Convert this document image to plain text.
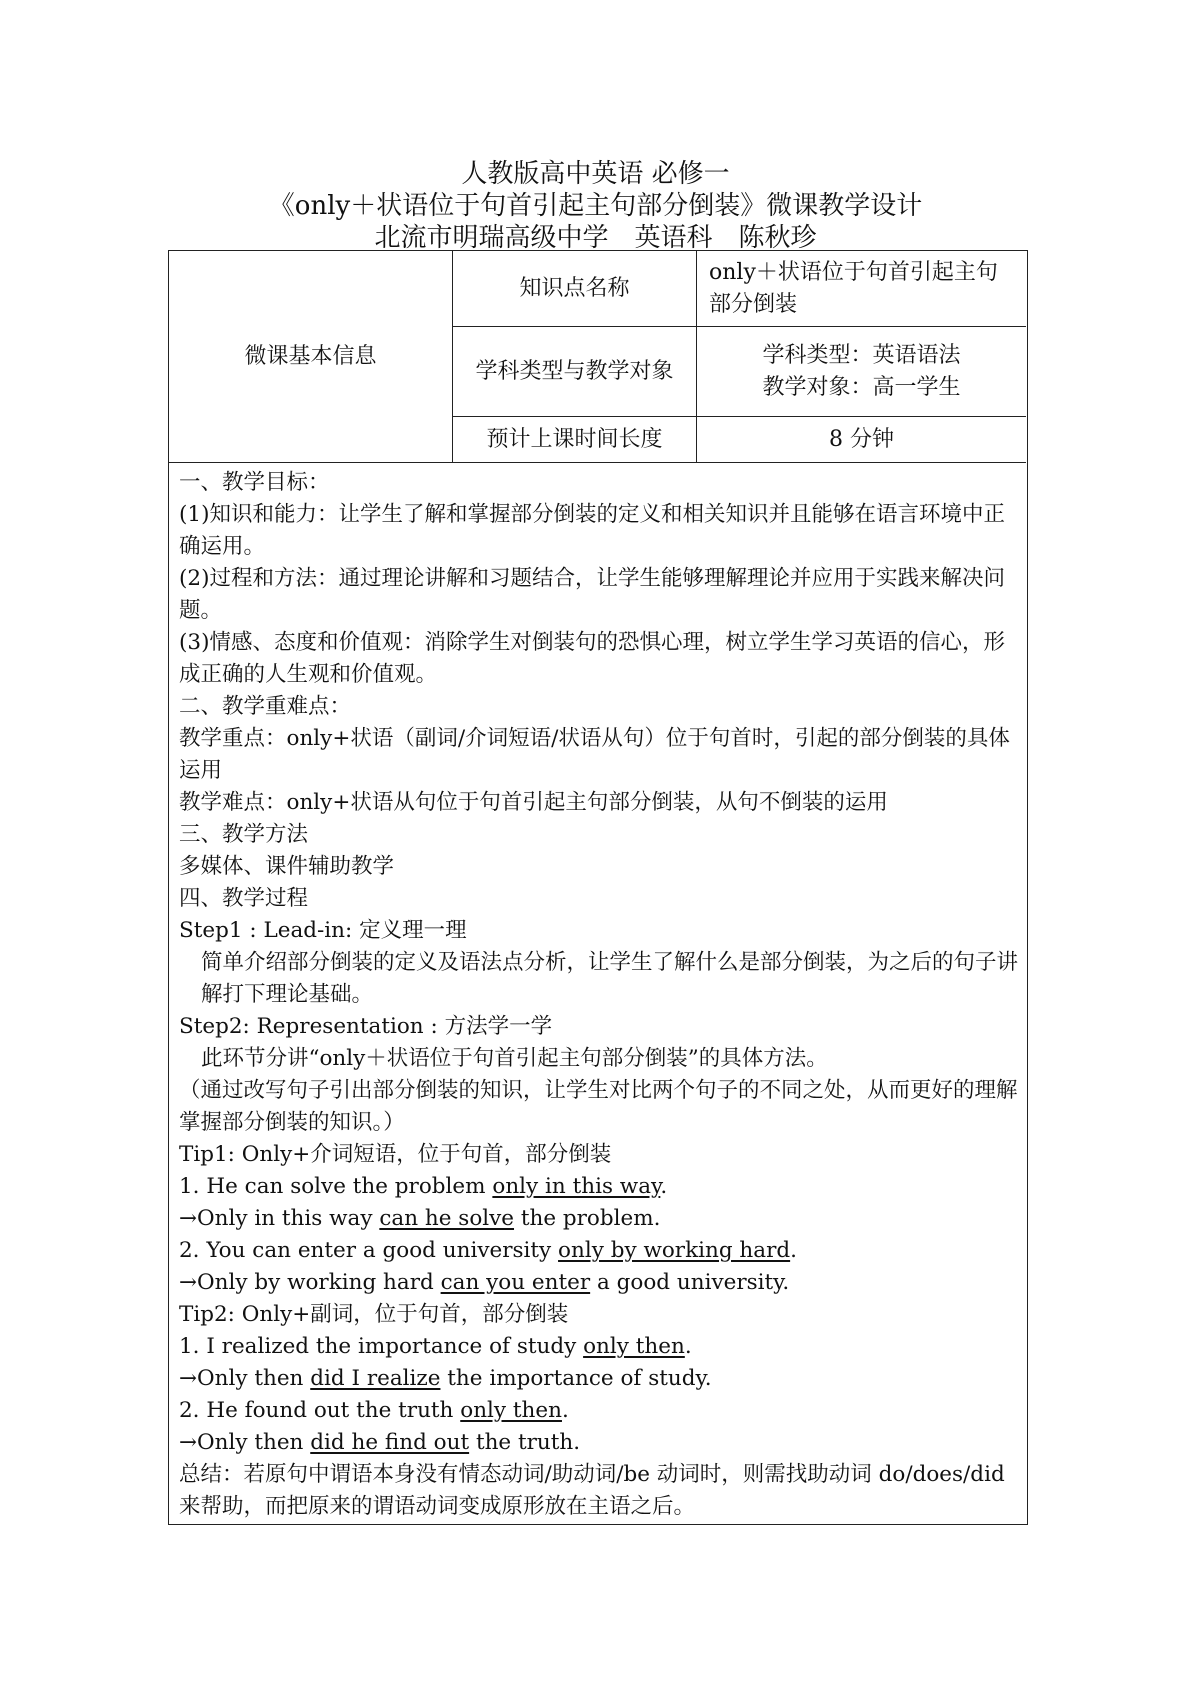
人教版高中英语 必修一
《only＋状语位于句首引起主句部分倒装》微课教学设计
北流市明瑞高级中学　英语科　陈秋珍
微课基本信息
知识点名称
only＋状语位于句首引起主句部分倒装
学科类型与教学对象
学科类型：英语语法
教学对象：高一学生
预计上课时间长度	8 分钟
一、教学目标：
(1)知识和能力：让学生了解和掌握部分倒装的定义和相关知识并且能够在语言环境中正确运用。
(2)过程和方法：通过理论讲解和习题结合，让学生能够理解理论并应用于实践来解决问题。
(3)情感、态度和价值观：消除学生对倒装句的恐惧心理，树立学生学习英语的信心，形成正确的人生观和价值观。
二、教学重难点：
教学重点：only+状语（副词/介词短语/状语从句）位于句首时，引起的部分倒装的具体运用
教学难点：only+状语从句位于句首引起主句部分倒装，从句不倒装的运用
三、教学方法
多媒体、课件辅助教学
四、教学过程
Step1 : Lead-in: 定义理一理
简单介绍部分倒装的定义及语法点分析，让学生了解什么是部分倒装，为之后的句子讲解打下理论基础。
Step2: Representation : 方法学一学
此环节分讲“only＋状语位于句首引起主句部分倒装”的具体方法。
（通过改写句子引出部分倒装的知识，让学生对比两个句子的不同之处，从而更好的理解掌握部分倒装的知识。）
Tip1: Only+介词短语，位于句首，部分倒装
1. He can solve the problem only in this way.
→Only in this way can he solve the problem.
2. You can enter a good university only by working hard.
→Only by working hard can you enter a good university.
Tip2: Only+副词，位于句首，部分倒装
1. I realized the importance of study only then.
→Only then did I realize the importance of study.
2. He found out the truth only then.
→Only then did he find out the truth.
总结：若原句中谓语本身没有情态动词/助动词/be 动词时，则需找助动词 do/does/did 来帮助，而把原来的谓语动词变成原形放在主语之后。
